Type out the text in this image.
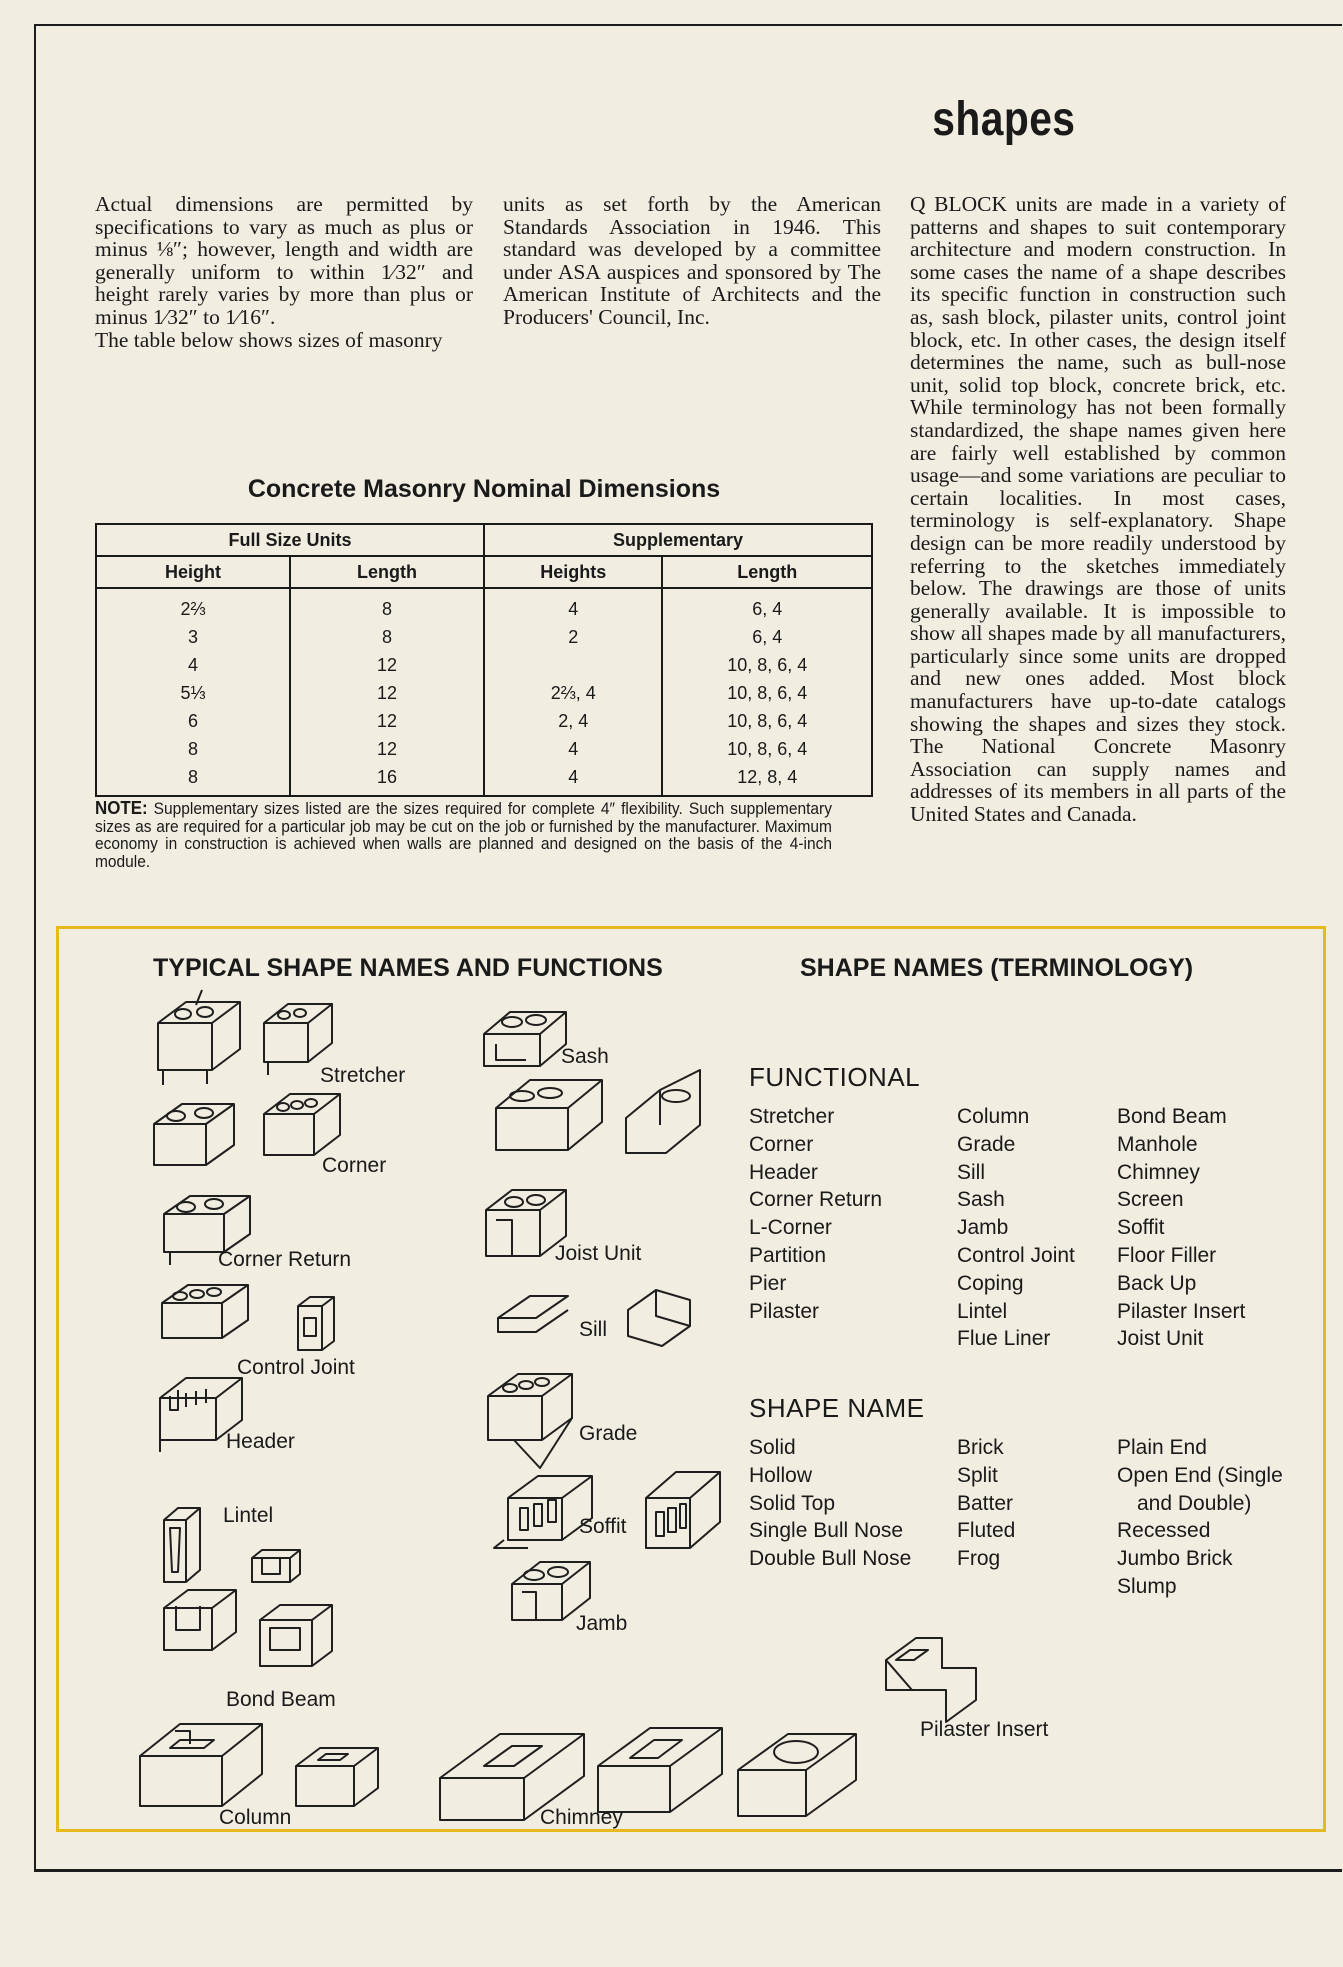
shapes
Actual dimensions are permitted by specifications to vary as much as plus or minus ⅛″; however, length and width are generally uniform to within 1⁄32″ and height rarely varies by more than plus or minus 1⁄32″ to 1⁄16″.
The table below shows sizes of masonry
units as set forth by the American Standards Association in 1946. This standard was developed by a committee under ASA auspices and sponsored by The American Institute of Architects and the Producers' Council, Inc.
Q BLOCK units are made in a variety of patterns and shapes to suit contemporary architecture and modern construction. In some cases the name of a shape describes its specific function in construction such as, sash block, pilaster units, control joint block, etc. In other cases, the design itself determines the name, such as bull-nose unit, solid top block, concrete brick, etc. While terminology has not been formally standardized, the shape names given here are fairly well established by common usage—and some variations are peculiar to certain localities. In most cases, terminology is self-explanatory. Shape design can be more readily understood by referring to the sketches immediately below. The drawings are those of units generally available. It is impossible to show all shapes made by all manufacturers, particularly since some units are dropped and new ones added. Most block manufacturers have up-to-date catalogs showing the shapes and sizes they stock. The National Concrete Masonry Association can supply names and addresses of its members in all parts of the United States and Canada.
Concrete Masonry Nominal Dimensions
Full Size Units		Supplementary	
Height	Length	Heights	Length
2⅔	8	4	6, 4
3	8	2	6, 4
4	12		10, 8, 6, 4
5⅓	12	2⅔, 4	10, 8, 6, 4
6	12	2, 4	10, 8, 6, 4
8	12	4	10, 8, 6, 4
8	16	4	12, 8, 4
NOTE: Supplementary sizes listed are the sizes required for complete 4″ flexibility. Such supplementary sizes as are required for a particular job may be cut on the job or furnished by the manufacturer. Maximum economy in construction is achieved when walls are planned and designed on the basis of the 4-inch module.
TYPICAL SHAPE NAMES AND FUNCTIONS	SHAPE NAMES (TERMINOLOGY)
Stretcher
Corner
Corner Return
Control Joint
Header
Lintel
Bond Beam
Column
Sash
Joist Unit
Sill
Grade
Soffit
Jamb
Chimney
Pilaster Insert
FUNCTIONAL
Stretcher
Corner
Header
Corner Return
L-Corner
Partition
Pier
Pilaster
Column
Grade
Sill
Sash
Jamb
Control Joint
Coping
Lintel
Flue Liner
Bond Beam
Manhole
Chimney
Screen
Soffit
Floor Filler
Back Up
Pilaster Insert
Joist Unit
SHAPE NAME
Solid
Hollow
Solid Top
Single Bull Nose
Double Bull Nose
Brick
Split
Batter
Fluted
Frog
Plain End
Open End (Single
and Double)
Recessed
Jumbo Brick
Slump
